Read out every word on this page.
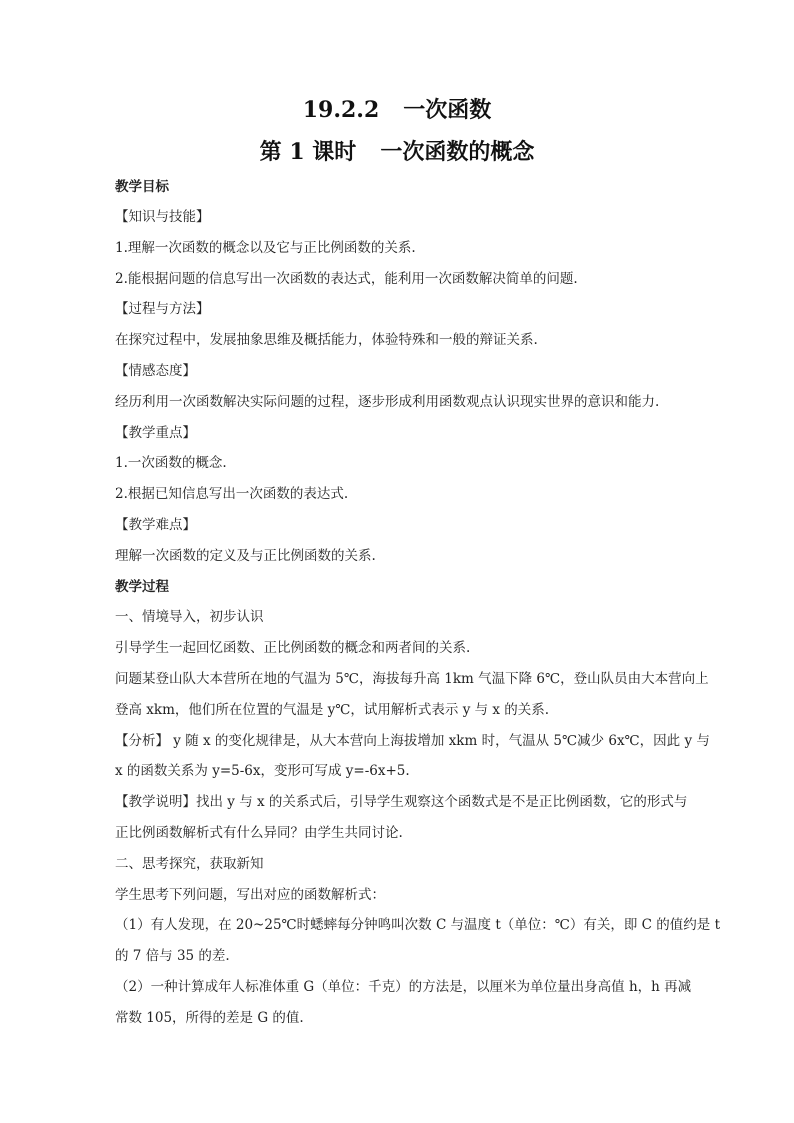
19.2.2 一次函数
第 1 课时 一次函数的概念

教学目标

【知识与技能】

1.理解一次函数的概念以及它与正比例函数的关系.

2.能根据问题的信息写出一次函数的表达式，能利用一次函数解决简单的问题.

【过程与方法】

在探究过程中，发展抽象思维及概括能力，体验特殊和一般的辩证关系.

【情感态度】

经历利用一次函数解决实际问题的过程，逐步形成利用函数观点认识现实世界的意识和能力.

【教学重点】

1.一次函数的概念.

2.根据已知信息写出一次函数的表达式.

【教学难点】

理解一次函数的定义及与正比例函数的关系.

教学过程

一、情境导入，初步认识

引导学生一起回忆函数、正比例函数的概念和两者间的关系.

问题某登山队大本营所在地的气温为 5℃，海拔每升高 1km 气温下降 6℃，登山队员由大本营向上

登高 xkm，他们所在位置的气温是 y℃，试用解析式表示 y 与 x 的关系.

【分析】 y 随 x 的变化规律是，从大本营向上海拔增加 xkm 时，气温从 5℃减少 6x℃，因此 y 与

x 的函数关系为 y=5-6x，变形可写成 y=-6x+5.

【教学说明】找出 y 与 x 的关系式后，引导学生观察这个函数式是不是正比例函数，它的形式与

正比例函数解析式有什么异同？由学生共同讨论.

二、思考探究，获取新知

学生思考下列问题，写出对应的函数解析式：

（1）有人发现，在 20~25℃时蟋蟀每分钟鸣叫次数 C 与温度 t（单位：℃）有关，即 C 的值约是 t

的 7 倍与 35 的差.

（2）一种计算成年人标准体重 G（单位：千克）的方法是，以厘米为单位量出身高值 h，h 再减

常数 105，所得的差是 G 的值.
